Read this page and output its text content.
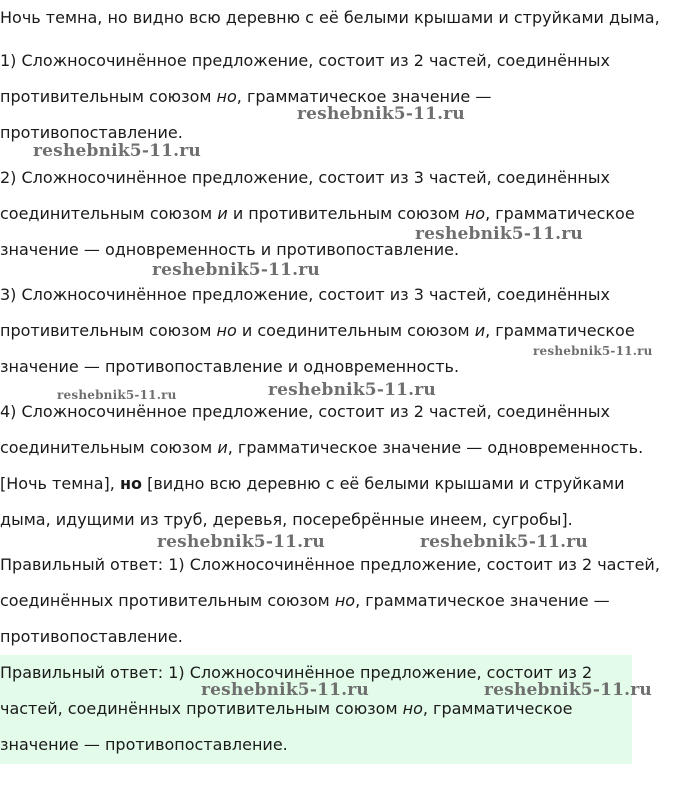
Ночь темна, но видно всю деревню с её белыми крышами и струйками дыма,
1) Сложносочинённое предложение, состоит из 2 частей, соединённых
противительным союзом но, грамматическое значение —
противопоставление.
2) Сложносочинённое предложение, состоит из 3 частей, соединённых
соединительным союзом и и противительным союзом но, грамматическое
значение — одновременность и противопоставление.
3) Сложносочинённое предложение, состоит из 3 частей, соединённых
противительным союзом но и соединительным союзом и, грамматическое
значение — противопоставление и одновременность.
4) Сложносочинённое предложение, состоит из 2 частей, соединённых
соединительным союзом и, грамматическое значение — одновременность.
[Ночь темна], но [видно всю деревню с её белыми крышами и струйками
дыма, идущими из труб, деревья, посеребрённые инеем, сугробы].
Правильный ответ: 1) Сложносочинённое предложение, состоит из 2 частей,
соединённых противительным союзом но, грамматическое значение —
противопоставление.
Правильный ответ: 1) Сложносочинённое предложение, состоит из 2
частей, соединённых противительным союзом но, грамматическое
значение — противопоставление.
reshebnik5-11.ru
reshebnik5-11.ru
reshebnik5-11.ru
reshebnik5-11.ru
reshebnik5-11.ru
reshebnik5-11.ru
reshebnik5-11.ru
reshebnik5-11.ru	reshebnik5-11.ru
reshebnik5-11.ru	reshebnik5-11.ru
